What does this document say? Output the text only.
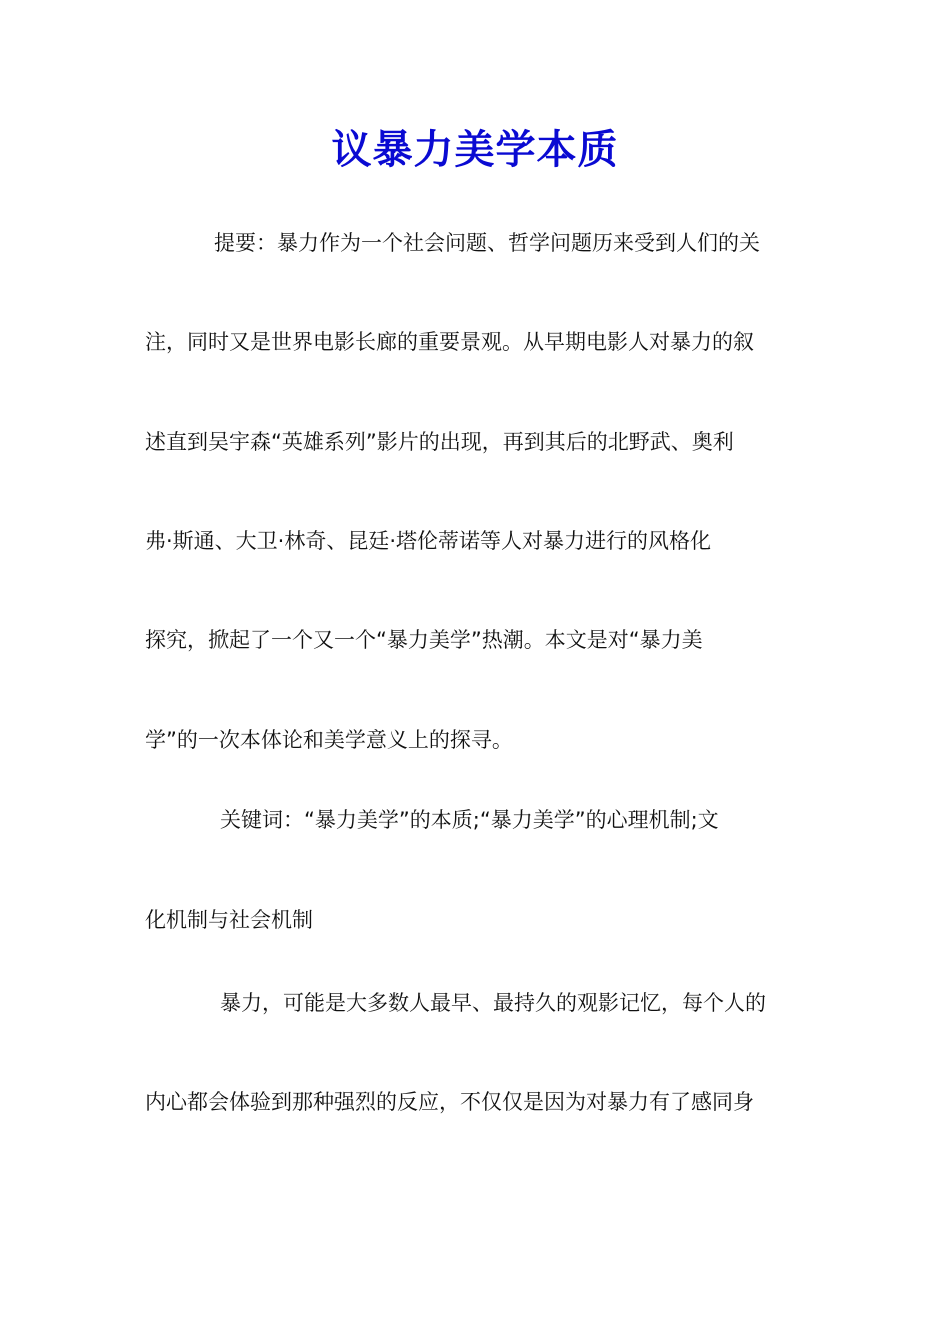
议暴力美学本质

提要：暴力作为一个社会问题、哲学问题历来受到人们的关

注，同时又是世界电影长廊的重要景观。从早期电影人对暴力的叙

述直到吴宇森“英雄系列”影片的出现，再到其后的北野武、奥利

弗·斯通、大卫·林奇、昆廷·塔伦蒂诺等人对暴力进行的风格化

探究，掀起了一个又一个“暴力美学”热潮。本文是对“暴力美

学”的一次本体论和美学意义上的探寻。

关键词：“暴力美学”的本质;“暴力美学”的心理机制;文

化机制与社会机制

暴力，可能是大多数人最早、最持久的观影记忆，每个人的

内心都会体验到那种强烈的反应，不仅仅是因为对暴力有了感同身
